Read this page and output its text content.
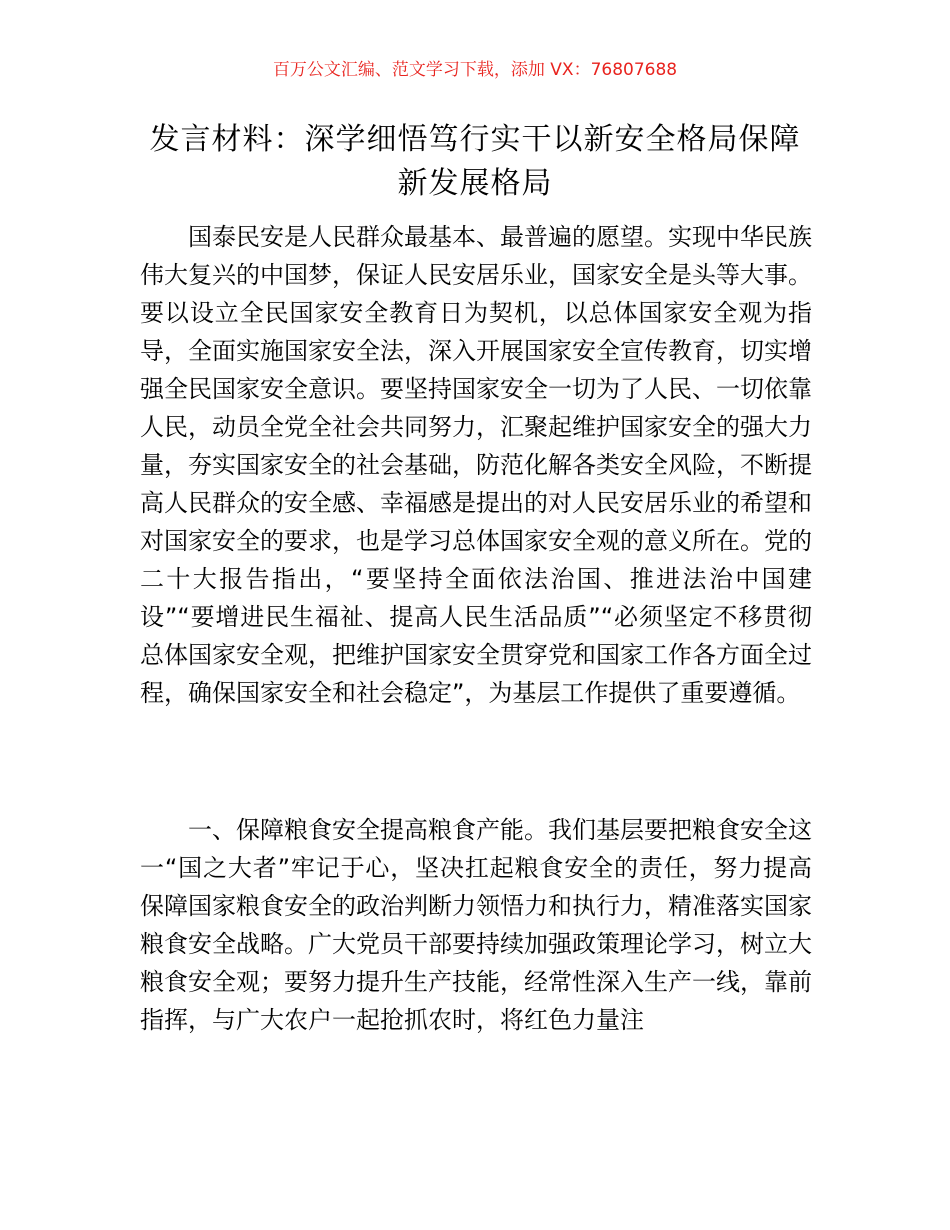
百万公文汇编、范文学习下载，添加 VX：76807688
发言材料：深学细悟笃行实干以新安全格局保障新发展格局

国泰民安是人民群众最基本、最普遍的愿望。实现中华民族伟大复兴的中国梦，保证人民安居乐业，国家安全是头等大事。要以设立全民国家安全教育日为契机，以总体国家安全观为指导，全面实施国家安全法，深入开展国家安全宣传教育，切实增强全民国家安全意识。要坚持国家安全一切为了人民、一切依靠人民，动员全党全社会共同努力，汇聚起维护国家安全的强大力量，夯实国家安全的社会基础，防范化解各类安全风险，不断提高人民群众的安全感、幸福感是提出的对人民安居乐业的希望和对国家安全的要求，也是学习总体国家安全观的意义所在。党的二十大报告指出，“要坚持全面依法治国、推进法治中国建设”“要增进民生福祉、提高人民生活品质”“必须坚定不移贯彻总体国家安全观，把维护国家安全贯穿党和国家工作各方面全过程，确保国家安全和社会稳定”，为基层工作提供了重要遵循。

一、保障粮食安全提高粮食产能。我们基层要把粮食安全这一“国之大者”牢记于心，坚决扛起粮食安全的责任，努力提高保障国家粮食安全的政治判断力领悟力和执行力，精准落实国家粮食安全战略。广大党员干部要持续加强政策理论学习，树立大粮食安全观；要努力提升生产技能，经常性深入生产一线，靠前指挥，与广大农户一起抢抓农时，将红色力量注
